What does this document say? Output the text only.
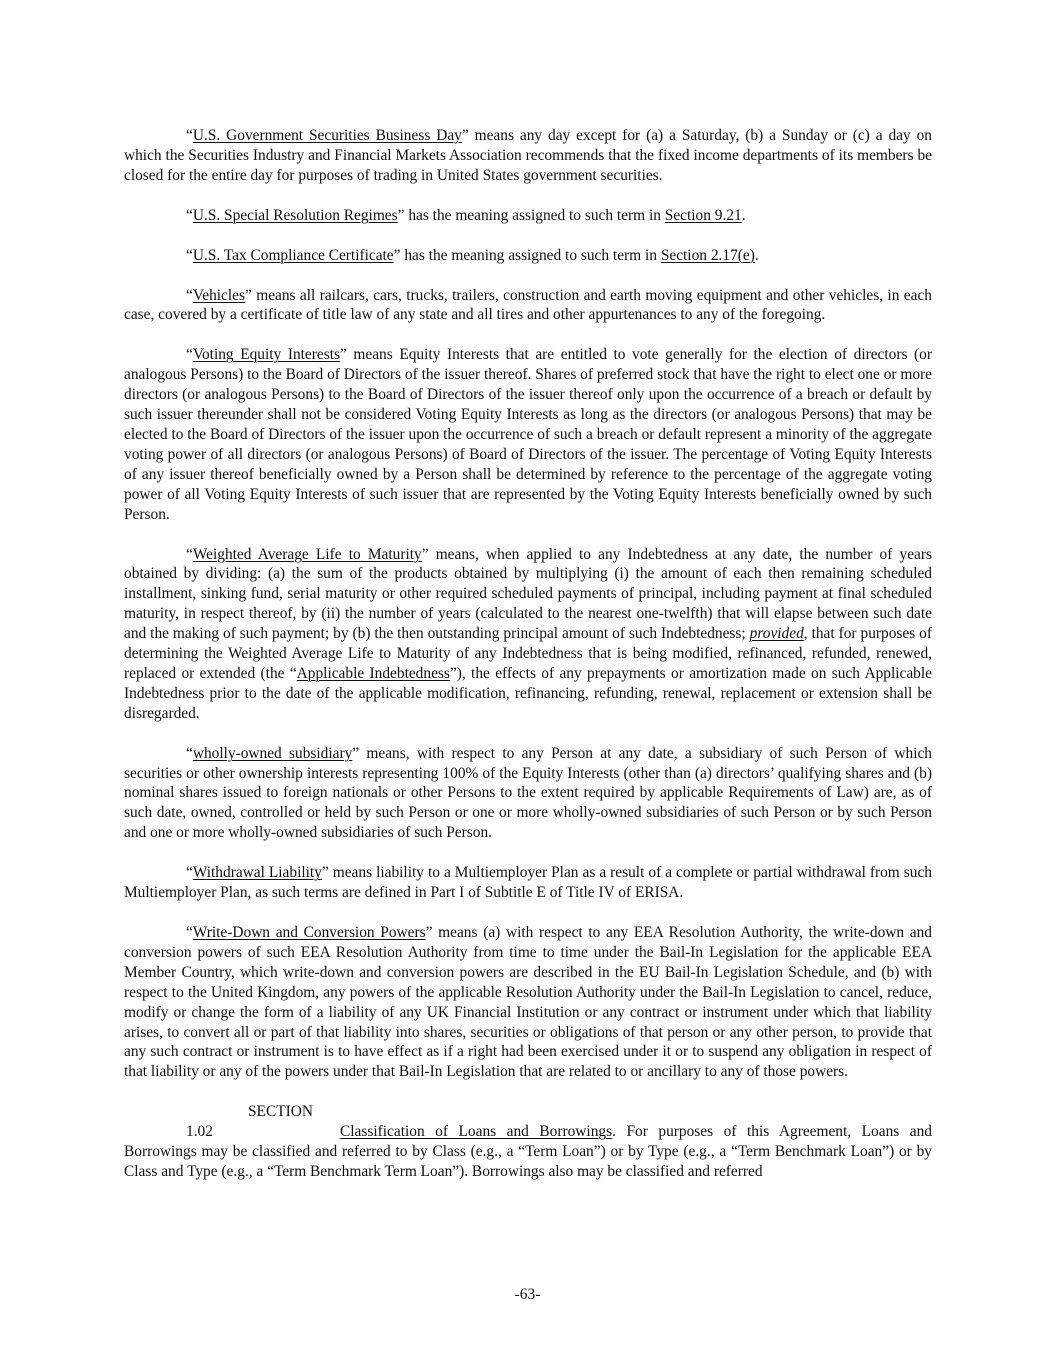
“U.S. Government Securities Business Day” means any day except for (a) a Saturday, (b) a Sunday or (c) a day on which the Securities Industry and Financial Markets Association recommends that the fixed income departments of its members be closed for the entire day for purposes of trading in United States government securities.

“U.S. Special Resolution Regimes” has the meaning assigned to such term in Section 9.21.

“U.S. Tax Compliance Certificate” has the meaning assigned to such term in Section 2.17(e).

“Vehicles” means all railcars, cars, trucks, trailers, construction and earth moving equipment and other vehicles, in each case, covered by a certificate of title law of any state and all tires and other appurtenances to any of the foregoing.

“Voting Equity Interests” means Equity Interests that are entitled to vote generally for the election of directors (or analogous Persons) to the Board of Directors of the issuer thereof. Shares of preferred stock that have the right to elect one or more directors (or analogous Persons) to the Board of Directors of the issuer thereof only upon the occurrence of a breach or default by such issuer thereunder shall not be considered Voting Equity Interests as long as the directors (or analogous Persons) that may be elected to the Board of Directors of the issuer upon the occurrence of such a breach or default represent a minority of the aggregate voting power of all directors (or analogous Persons) of Board of Directors of the issuer. The percentage of Voting Equity Interests of any issuer thereof beneficially owned by a Person shall be determined by reference to the percentage of the aggregate voting power of all Voting Equity Interests of such issuer that are represented by the Voting Equity Interests beneficially owned by such Person.

“Weighted Average Life to Maturity” means, when applied to any Indebtedness at any date, the number of years obtained by dividing: (a) the sum of the products obtained by multiplying (i) the amount of each then remaining scheduled installment, sinking fund, serial maturity or other required scheduled payments of principal, including payment at final scheduled maturity, in respect thereof, by (ii) the number of years (calculated to the nearest one-twelfth) that will elapse between such date and the making of such payment; by (b) the then outstanding principal amount of such Indebtedness; provided, that for purposes of determining the Weighted Average Life to Maturity of any Indebtedness that is being modified, refinanced, refunded, renewed, replaced or extended (the “Applicable Indebtedness”), the effects of any prepayments or amortization made on such Applicable Indebtedness prior to the date of the applicable modification, refinancing, refunding, renewal, replacement or extension shall be disregarded.

“wholly-owned subsidiary” means, with respect to any Person at any date, a subsidiary of such Person of which securities or other ownership interests representing 100% of the Equity Interests (other than (a) directors’ qualifying shares and (b) nominal shares issued to foreign nationals or other Persons to the extent required by applicable Requirements of Law) are, as of such date, owned, controlled or held by such Person or one or more wholly-owned subsidiaries of such Person or by such Person and one or more wholly-owned subsidiaries of such Person.

“Withdrawal Liability” means liability to a Multiemployer Plan as a result of a complete or partial withdrawal from such Multiemployer Plan, as such terms are defined in Part I of Subtitle E of Title IV of ERISA.

“Write-Down and Conversion Powers” means (a) with respect to any EEA Resolution Authority, the write-down and conversion powers of such EEA Resolution Authority from time to time under the Bail-In Legislation for the applicable EEA Member Country, which write-down and conversion powers are described in the EU Bail-In Legislation Schedule, and (b) with respect to the United Kingdom, any powers of the applicable Resolution Authority under the Bail-In Legislation to cancel, reduce, modify or change the form of a liability of any UK Financial Institution or any contract or instrument under which that liability arises, to convert all or part of that liability into shares, securities or obligations of that person or any other person, to provide that any such contract or instrument is to have effect as if a right had been exercised under it or to suspend any obligation in respect of that liability or any of the powers under that Bail-In Legislation that are related to or ancillary to any of those powers.

SECTION 1.02	Classification of Loans and Borrowings. For purposes of this Agreement, Loans and Borrowings may be classified and referred to by Class (e.g., a “Term Loan”) or by Type (e.g., a “Term Benchmark Loan”) or by Class and Type (e.g., a “Term Benchmark Term Loan”). Borrowings also may be classified and referred

-63-
